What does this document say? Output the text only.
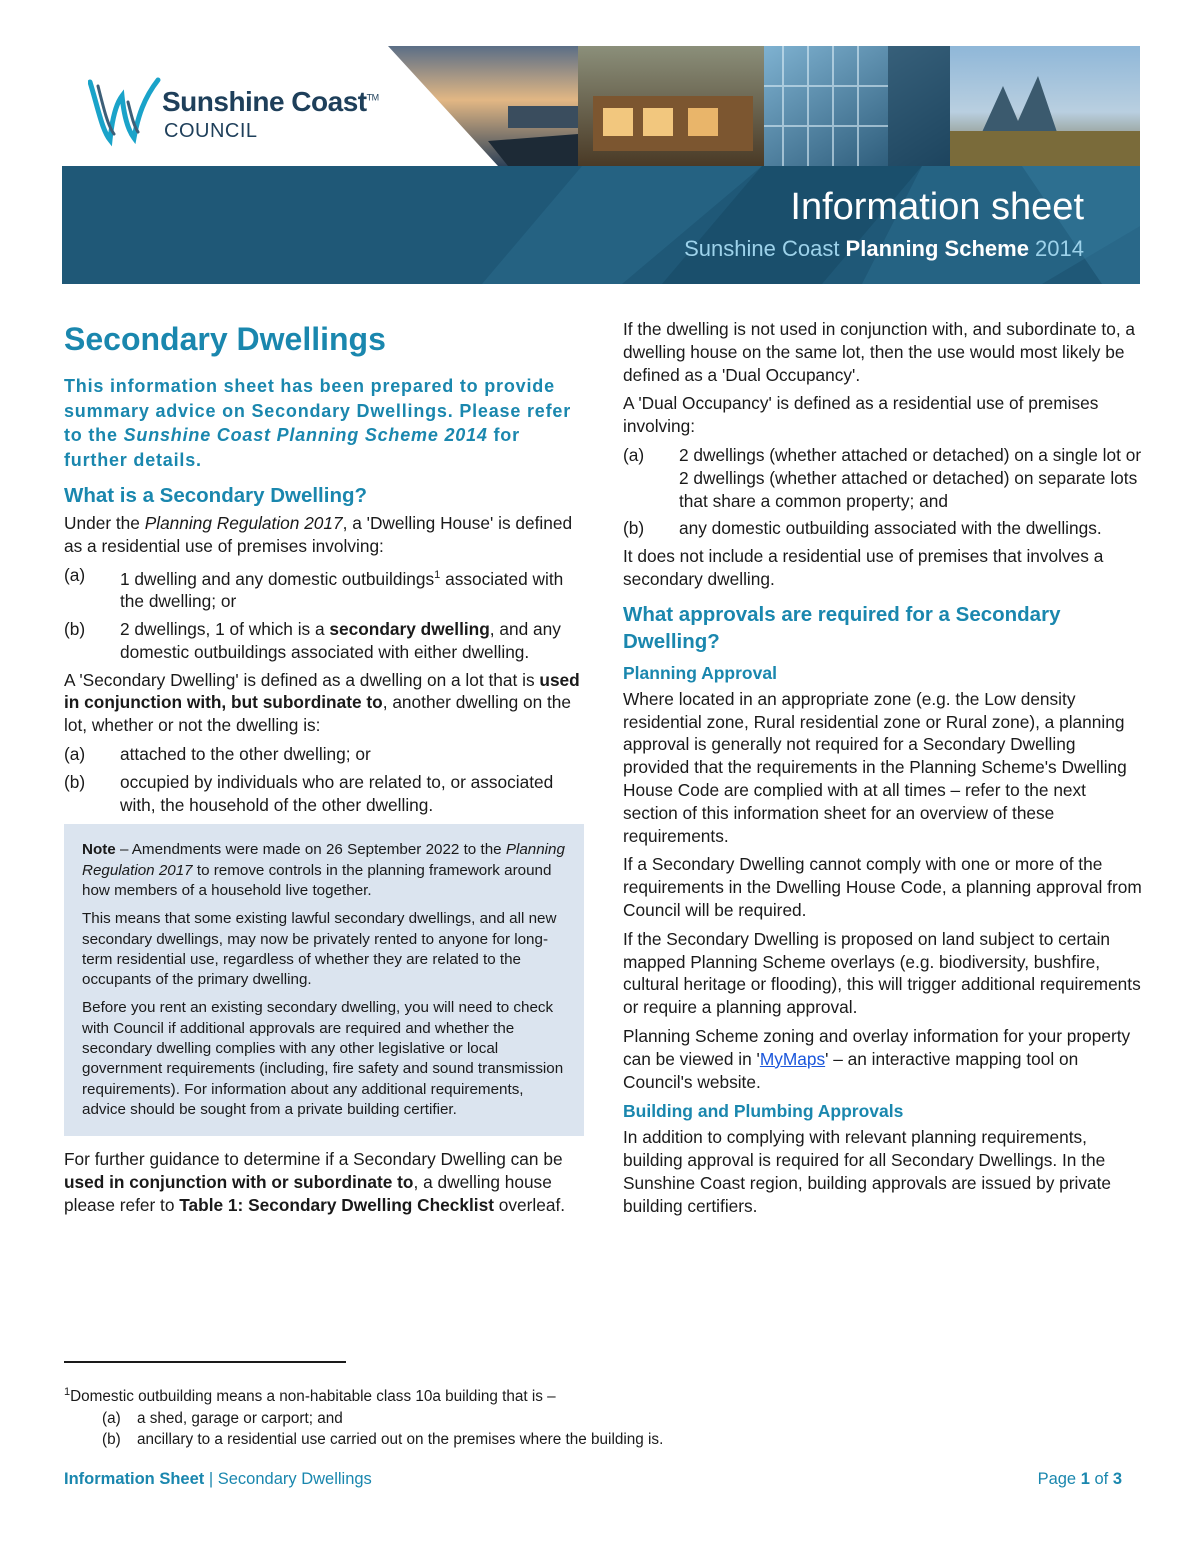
Sunshine Coast™
COUNCIL
Information sheet
Sunshine Coast Planning Scheme 2014
Secondary Dwellings
This information sheet has been prepared to provide summary advice on Secondary Dwellings. Please refer to the Sunshine Coast Planning Scheme 2014 for further details.
What is a Secondary Dwelling?

Under the Planning Regulation 2017, a 'Dwelling House' is defined as a residential use of premises involving:

(a)	1 dwelling and any domestic outbuildings$^1$ associated with the dwelling; or
(b)	2 dwellings, 1 of which is a secondary dwelling, and any domestic outbuildings associated with either dwelling.

A 'Secondary Dwelling' is defined as a dwelling on a lot that is used in conjunction with, but subordinate to, another dwelling on the lot, whether or not the dwelling is:

(a)	attached to the other dwelling; or
(b)	occupied by individuals who are related to, or associated with, the household of the other dwelling.

Note – Amendments were made on 26 September 2022 to the Planning Regulation 2017 to remove controls in the planning framework around how members of a household live together.

This means that some existing lawful secondary dwellings, and all new secondary dwellings, may now be privately rented to anyone for long-term residential use, regardless of whether they are related to the occupants of the primary dwelling.

Before you rent an existing secondary dwelling, you will need to check with Council if additional approvals are required and whether the secondary dwelling complies with any other legislative or local government requirements (including, fire safety and sound transmission requirements). For information about any additional requirements, advice should be sought from a private building certifier.

For further guidance to determine if a Secondary Dwelling can be used in conjunction with or subordinate to, a dwelling house please refer to Table 1: Secondary Dwelling Checklist overleaf.

If the dwelling is not used in conjunction with, and subordinate to, a dwelling house on the same lot, then the use would most likely be defined as a 'Dual Occupancy'.

A 'Dual Occupancy' is defined as a residential use of premises involving:

(a)	2 dwellings (whether attached or detached) on a single lot or 2 dwellings (whether attached or detached) on separate lots that share a common property; and
(b)	any domestic outbuilding associated with the dwellings.

It does not include a residential use of premises that involves a secondary dwelling.

What approvals are required for a Secondary Dwelling?
Planning Approval

Where located in an appropriate zone (e.g. the Low density residential zone, Rural residential zone or Rural zone), a planning approval is generally not required for a Secondary Dwelling provided that the requirements in the Planning Scheme's Dwelling House Code are complied with at all times – refer to the next section of this information sheet for an overview of these requirements.

If a Secondary Dwelling cannot comply with one or more of the requirements in the Dwelling House Code, a planning approval from Council will be required.

If the Secondary Dwelling is proposed on land subject to certain mapped Planning Scheme overlays (e.g. biodiversity, bushfire, cultural heritage or flooding), this will trigger additional requirements or require a planning approval.

Planning Scheme zoning and overlay information for your property can be viewed in 'MyMaps' – an interactive mapping tool on Council's website.

Building and Plumbing Approvals

In addition to complying with relevant planning requirements, building approval is required for all Secondary Dwellings. In the Sunshine Coast region, building approvals are issued by private building certifiers.

$^1$Domestic outbuilding means a non-habitable class 10a building that is –
(a)	a shed, garage or carport; and
(b)	ancillary to a residential use carried out on the premises where the building is.
Information Sheet | Secondary Dwellings	Page 1 of 3
